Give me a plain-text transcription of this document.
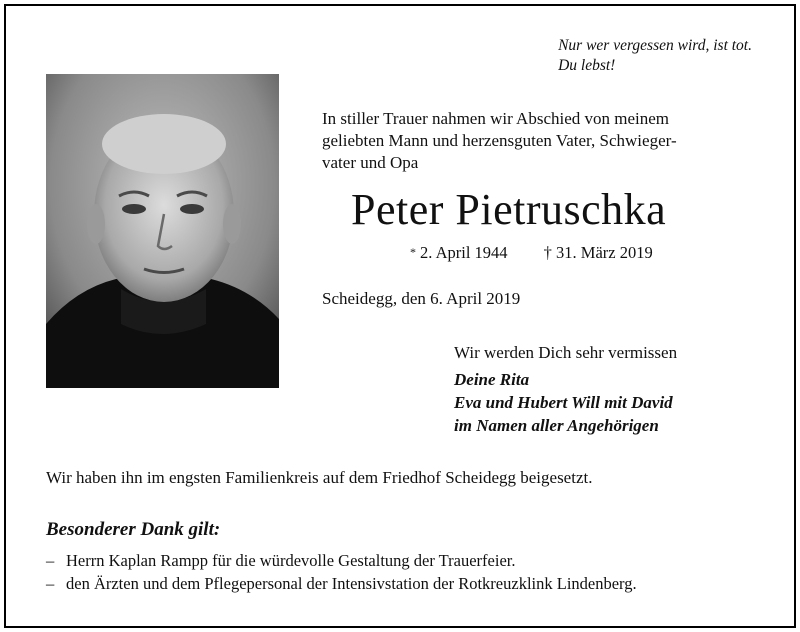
Nur wer vergessen wird, ist tot.
Du lebst!
In stiller Trauer nahmen wir Abschied von meinem
geliebten Mann und herzensguten Vater, Schwieger-
vater und Opa
Peter Pietruschka
* 2. April 1944 † 31. März 2019
Scheidegg, den 6. April 2019
Wir werden Dich sehr vermissen
Deine Rita
Eva und Hubert Will mit David
im Namen aller Angehörigen
Wir haben ihn im engsten Familienkreis auf dem Friedhof Scheidegg beigesetzt.
Besonderer Dank gilt:
– Herrn Kaplan Rampp für die würdevolle Gestaltung der Trauerfeier.
– den Ärzten und dem Pflegepersonal der Intensivstation der Rotkreuzklink Lindenberg.
